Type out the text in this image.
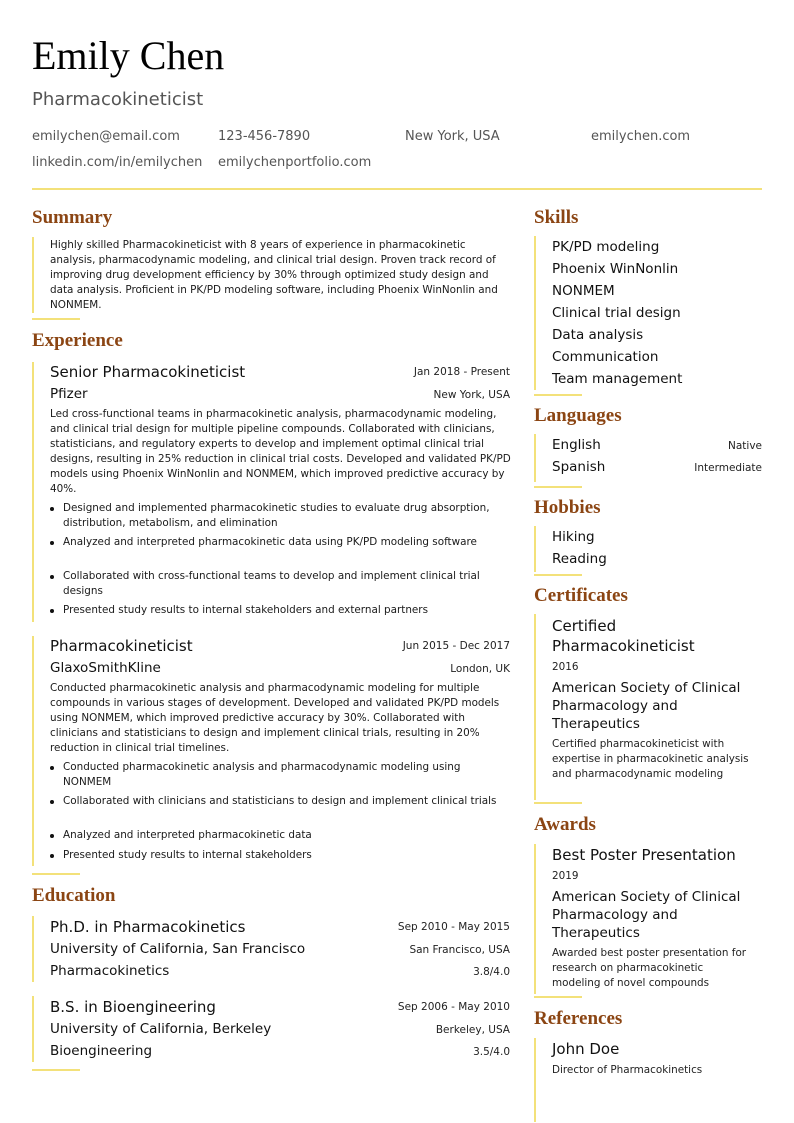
Emily Chen
Pharmacokineticist
emilychen@email.com	123-456-7890	New York, USA	emilychen.com
linkedin.com/in/emilychen emilychenportfolio.com
Summary
Highly skilled Pharmacokineticist with 8 years of experience in pharmacokinetic analysis, pharmacodynamic modeling, and clinical trial design. Proven track record of improving drug development efficiency by 30% through optimized study design and data analysis. Proficient in PK/PD modeling software, including Phoenix WinNonlin and NONMEM.
Experience
Senior Pharmacokineticist	Jan 2018 - Present
Pfizer	New York, USA
Led cross-functional teams in pharmacokinetic analysis, pharmacodynamic modeling, and clinical trial design for multiple pipeline compounds. Collaborated with clinicians, statisticians, and regulatory experts to develop and implement optimal clinical trial designs, resulting in 25% reduction in clinical trial costs. Developed and validated PK/PD models using Phoenix WinNonlin and NONMEM, which improved predictive accuracy by 40%.
Designed and implemented pharmacokinetic studies to evaluate drug absorption, distribution, metabolism, and elimination
Analyzed and interpreted pharmacokinetic data using PK/PD modeling software
Collaborated with cross-functional teams to develop and implement clinical trial designs
Presented study results to internal stakeholders and external partners
Pharmacokineticist	Jun 2015 - Dec 2017
GlaxoSmithKline	London, UK
Conducted pharmacokinetic analysis and pharmacodynamic modeling for multiple compounds in various stages of development. Developed and validated PK/PD models using NONMEM, which improved predictive accuracy by 30%. Collaborated with clinicians and statisticians to design and implement clinical trials, resulting in 20% reduction in clinical trial timelines.
Conducted pharmacokinetic analysis and pharmacodynamic modeling using NONMEM
Collaborated with clinicians and statisticians to design and implement clinical trials
Analyzed and interpreted pharmacokinetic data
Presented study results to internal stakeholders
Education
Ph.D. in Pharmacokinetics	Sep 2010 - May 2015
University of California, San Francisco	San Francisco, USA
Pharmacokinetics	3.8/4.0
B.S. in Bioengineering	Sep 2006 - May 2010
University of California, Berkeley	Berkeley, USA
Bioengineering	3.5/4.0
Skills
PK/PD modeling
Phoenix WinNonlin
NONMEM
Clinical trial design
Data analysis
Communication
Team management
Languages
English	Native
Spanish	Intermediate
Hobbies
Hiking
Reading
Certificates
Certified Pharmacokineticist
2016
American Society of Clinical Pharmacology and Therapeutics
Certified pharmacokineticist with expertise in pharmacokinetic analysis and pharmacodynamic modeling
Awards
Best Poster Presentation
2019
American Society of Clinical Pharmacology and Therapeutics
Awarded best poster presentation for research on pharmacokinetic modeling of novel compounds
References
John Doe
Director of Pharmacokinetics
